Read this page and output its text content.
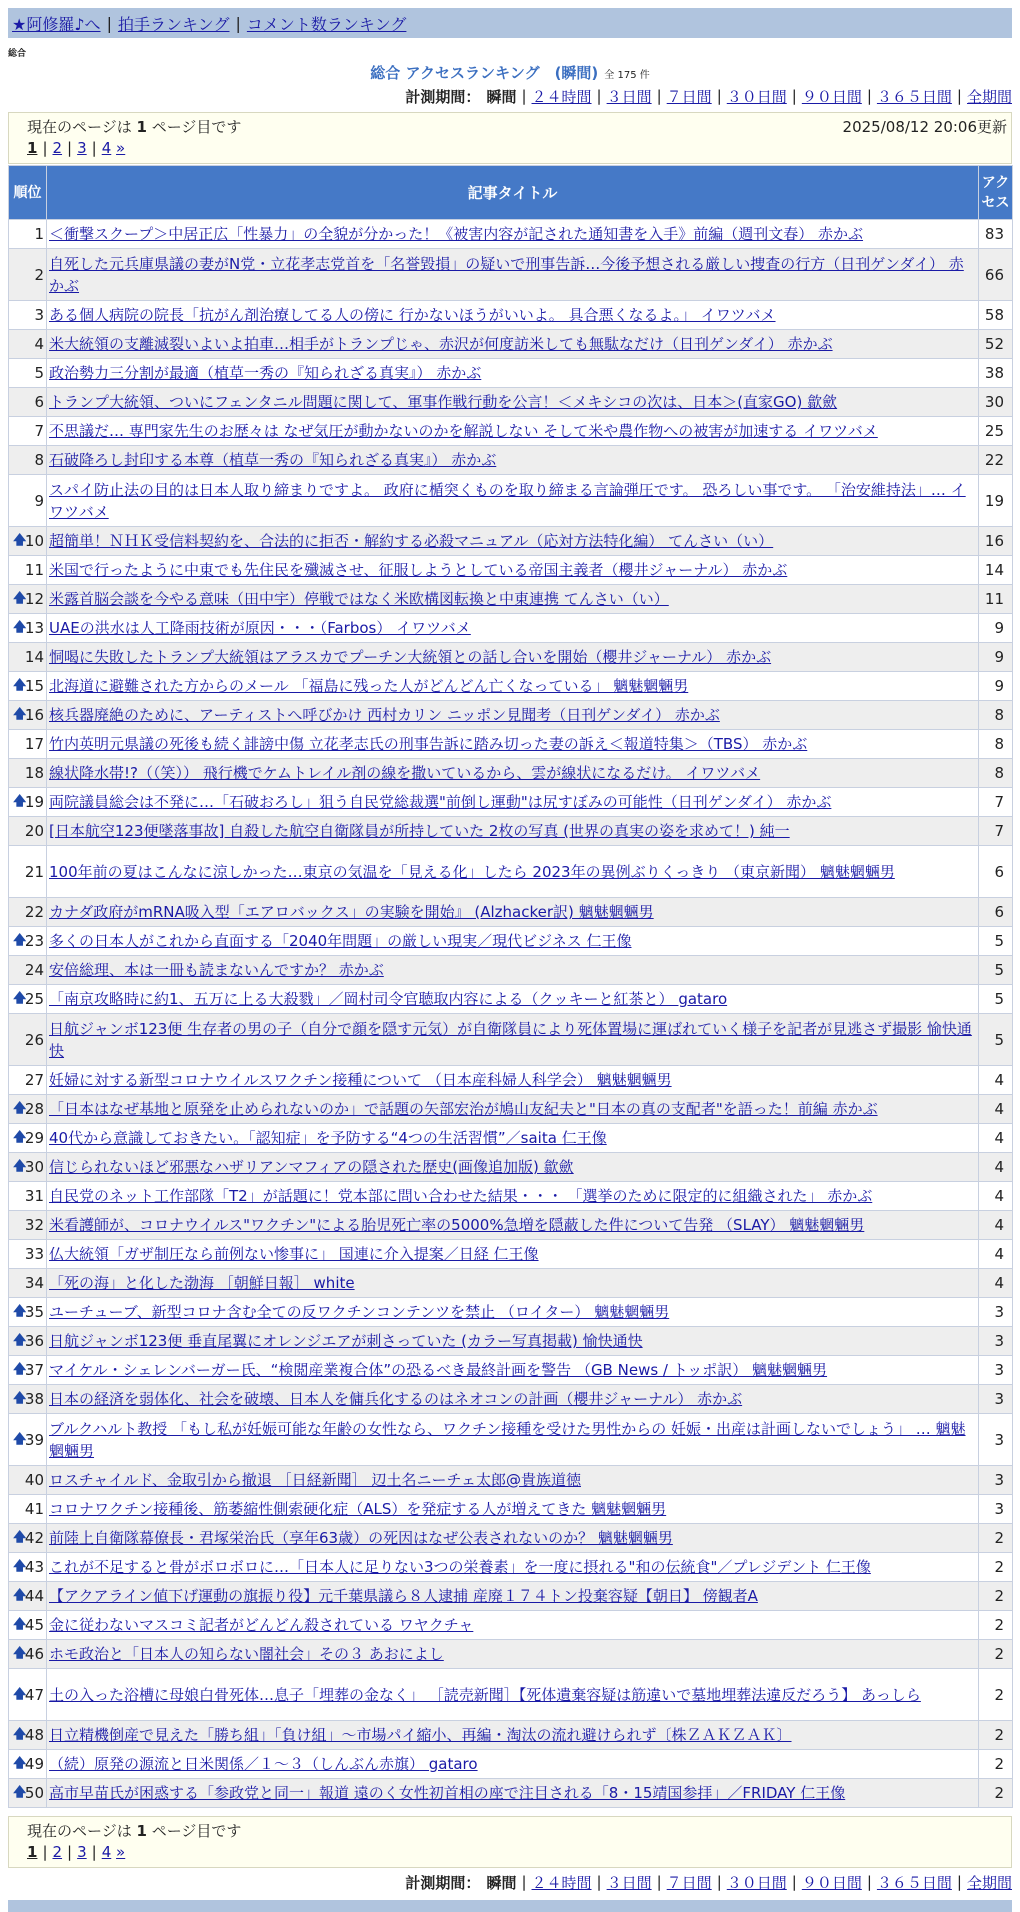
★阿修羅♪へ | 拍手ランキング | コメント数ランキング
総合
総合 アクセスランキング　(瞬間) 全 175 件
計測期間： 瞬間 | ２４時間 | ３日間 | ７日間 | ３０日間 | ９０日間 | ３６５日間 | 全期間
現在のページは 1 ページ目です	2025/08/12 20:06更新
1 | 2 | 3 | 4 »
順位	記事タイトル	アクセス
1	＜衝撃スクープ＞中居正広「性暴力」の全貌が分かった！《被害内容が記された通知書を入手》前編（週刊文春） 赤かぶ	83
2	自死した元兵庫県議の妻がN党・立花孝志党首を「名誉毀損」の疑いで刑事告訴…今後予想される厳しい捜査の行方（日刊ゲンダイ） 赤かぶ	66
3	ある個人病院の院長「抗がん剤治療してる人の傍に 行かないほうがいいよ。 具合悪くなるよ。」 イワツバメ	58
4	米大統領の支離滅裂いよいよ拍車…相手がトランプじゃ、赤沢が何度訪米しても無駄なだけ（日刊ゲンダイ） 赤かぶ	52
5	政治勢力三分割が最適（植草一秀の『知られざる真実』） 赤かぶ	38
6	トランプ大統領、ついにフェンタニル問題に関して、軍事作戦行動を公言！＜メキシコの次は、日本＞(直家GO) 歙歛	30
7	不思議だ… 専門家先生のお歴々は なぜ気圧が動かないのかを解説しない そして米や農作物への被害が加速する イワツバメ	25
8	石破降ろし封印する本尊（植草一秀の『知られざる真実』） 赤かぶ	22
9	スパイ防止法の目的は日本人取り締まりですよ。 政府に楯突くものを取り締まる言論弾圧です。 恐ろしい事です。 「治安維持法」… イワツバメ	19

🡅
10	超簡単！ＮＨＫ受信料契約を、合法的に拒否・解約する必殺マニュアル（応対方法特化編） てんさい（い）	16
11	米国で行ったように中東でも先住民を殲滅させ、征服しようとしている帝国主義者（櫻井ジャーナル） 赤かぶ	14

🡅
12	米露首脳会談を今やる意味（田中宇）停戦ではなく米欧構図転換と中東連携 てんさい（い）	11

🡅
13	UAEの洪水は人工降雨技術が原因・・・（Farbos） イワツバメ	9
14	恫喝に失敗したトランプ大統領はアラスカでプーチン大統領との話し合いを開始（櫻井ジャーナル） 赤かぶ	9

🡅
15	北海道に避難された方からのメール 「福島に残った人がどんどん亡くなっている」 魑魅魍魎男	9

🡅
16	核兵器廃絶のために、アーティストへ呼びかけ 西村カリン ニッポン見聞考（日刊ゲンダイ） 赤かぶ	8
17	竹内英明元県議の死後も続く誹謗中傷 立花孝志氏の刑事告訴に踏み切った妻の訴え＜報道特集＞（TBS） 赤かぶ	8
18	線状降水帯!?（（笑）） 飛行機でケムトレイル剤の線を撒いているから、雲が線状になるだけ。 イワツバメ	8

🡅
19	両院議員総会は不発に…「石破おろし」狙う自民党総裁選"前倒し運動"は尻すぼみの可能性（日刊ゲンダイ） 赤かぶ	7
20	[日本航空123便墜落事故] 自殺した航空自衛隊員が所持していた 2枚の写真 (世界の真実の姿を求めて！) 純一	7
21	100年前の夏はこんなに涼しかった…東京の気温を「見える化」したら 2023年の異例ぶりくっきり （東京新聞） 魑魅魍魎男	6
22	カナダ政府がmRNA吸入型「エアロバックス」の実験を開始』 (Alzhacker訳) 魑魅魍魎男	6

🡅
23	多くの日本人がこれから直面する「2040年問題」の厳しい現実／現代ビジネス 仁王像	5
24	安倍総理、本は一冊も読まないんですか？ 赤かぶ	5

🡅
25	「南京攻略時に約1、五万に上る大殺戮」／岡村司令官聴取内容による（クッキーと紅茶と） gataro	5
26	日航ジャンボ123便 生存者の男の子（自分で顔を隠す元気）が自衛隊員により死体置場に運ばれていく様子を記者が見逃さず撮影 愉快通快	5
27	妊婦に対する新型コロナウイルスワクチン接種について （日本産科婦人科学会） 魑魅魍魎男	4

🡅
28	「日本はなぜ基地と原発を止められないのか」で話題の矢部宏治が鳩山友紀夫と"日本の真の支配者"を語った！前編 赤かぶ	4

🡅
29	40代から意識しておきたい。「認知症」を予防する“4つの生活習慣”／saita 仁王像	4

🡅
30	信じられないほど邪悪なハザリアンマフィアの隠された歴史(画像追加版) 歙歛	4
31	自民党のネット工作部隊「T2」が話題に！党本部に問い合わせた結果・・・ 「選挙のために限定的に組織された」 赤かぶ	4
32	米看護師が、コロナウイルス"ワクチン"による胎児死亡率の5000%急増を隠蔽した件について告発 （SLAY） 魑魅魍魎男	4
33	仏大統領「ガザ制圧なら前例ない惨事に」 国連に介入提案／日経 仁王像	4
34	「死の海」と化した渤海 ［朝鮮日報］ white	4

🡅
35	ユーチューブ、新型コロナ含む全ての反ワクチンコンテンツを禁止 （ロイター） 魑魅魍魎男	3

🡅
36	日航ジャンボ123便 垂直尾翼にオレンジエアが刺さっていた (カラー写真掲載) 愉快通快	3

🡅
37	マイケル・シェレンバーガー氏、“検閲産業複合体”の恐るべき最終計画を警告 （GB News / トッポ訳） 魑魅魍魎男	3

🡅
38	日本の経済を弱体化、社会を破壊、日本人を傭兵化するのはネオコンの計画（櫻井ジャーナル） 赤かぶ	3

🡅
39	ブルクハルト教授 「もし私が妊娠可能な年齢の女性なら、ワクチン接種を受けた男性からの 妊娠・出産は計画しないでしょう」 … 魑魅魍魎男	3
40	ロスチャイルド、金取引から撤退 ［日経新聞］ 辺土名ニーチェ太郎@貴族道徳	3
41	コロナワクチン接種後、筋萎縮性側索硬化症（ALS）を発症する人が増えてきた 魑魅魍魎男	3

🡅
42	前陸上自衛隊幕僚長・君塚栄治氏（享年63歳）の死因はなぜ公表されないのか？ 魑魅魍魎男	2

🡅
43	これが不足すると骨がボロボロに…「日本人に足りない3つの栄養素」を一度に摂れる"和の伝統食"／プレジデント 仁王像	2

🡅
44	【アクアライン値下げ運動の旗振り役】元千葉県議ら８人逮捕 産廃１７４トン投棄容疑【朝日】 傍観者A	2

🡅
45	金に従わないマスコミ記者がどんどん殺されている ワヤクチャ	2

🡅
46	ホモ政治と「日本人の知らない闇社会」その３ あおによし	2

🡅
47	土の入った浴槽に母娘白骨死体…息子「埋葬の金なく」 ［読売新聞］【死体遺棄容疑は筋違いで墓地埋葬法違反だろう】 あっしら	2

🡅
48	日立精機倒産で見えた「勝ち組」「負け組」～市場パイ縮小、再編・淘汰の流れ避けられず〔株ＺＡＫＺＡＫ〕	2

🡅
49	（続）原発の源流と日米関係／１～３（しんぶん赤旗） gataro	2

🡅
50	高市早苗氏が困惑する「参政党と同一」報道 遠のく女性初首相の座で注目される「8・15靖国参拝」／FRIDAY 仁王像	2
現在のページは 1 ページ目です
1 | 2 | 3 | 4 »
計測期間： 瞬間 | ２４時間 | ３日間 | ７日間 | ３０日間 | ９０日間 | ３６５日間 | 全期間
